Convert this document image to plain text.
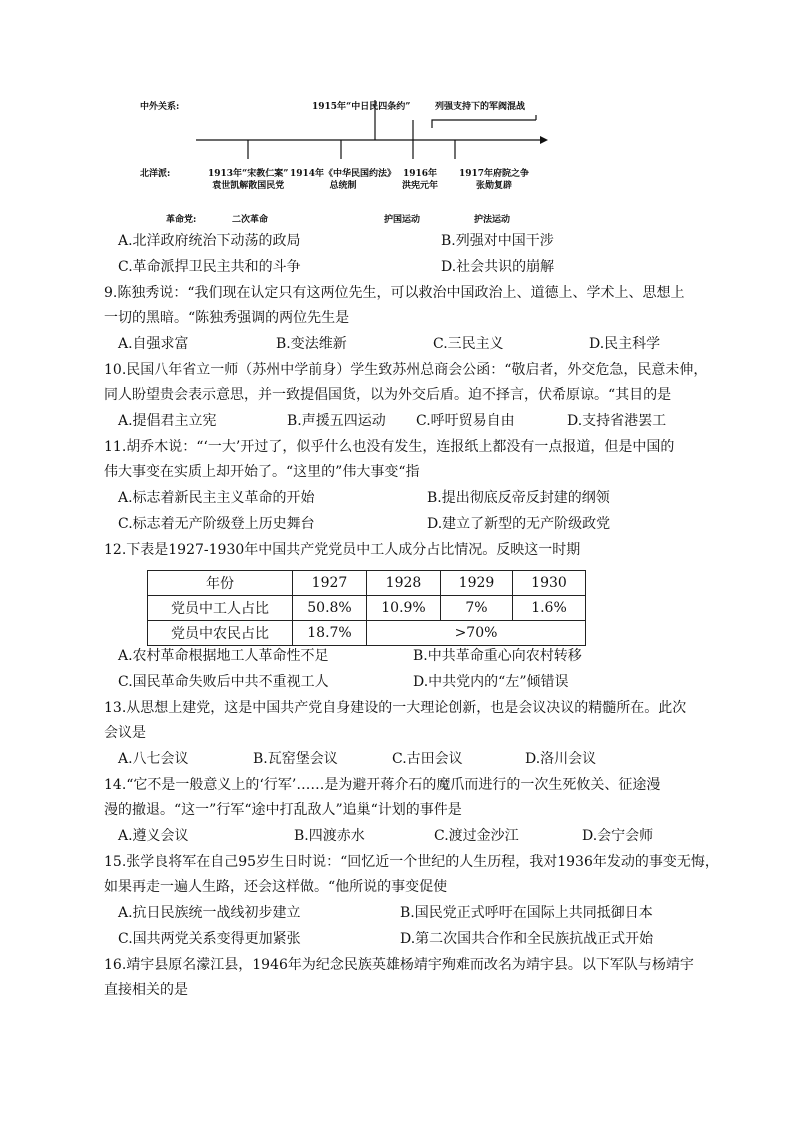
中外关系:	1915年“中日民四条约”	列强支持下的军阀混战
北洋派:	1913年“宋教仁案”
袁世凯解散国民党
1914年《中华民国约法》
总统制
1916年
洪宪元年
1917年府院之争
张勋复辟
革命党:	二次革命	护国运动	护法运动
A.北洋政府统治下动荡的政局	B.列强对中国干涉
C.革命派捍卫民主共和的斗争	D.社会共识的崩解
9.陈独秀说：“我们现在认定只有这两位先生，可以救治中国政治上、道德上、学术上、思想上
一切的黑暗。“陈独秀强调的两位先生是
A.自强求富	B.变法维新	C.三民主义	D.民主科学
10.民国八年省立一师（苏州中学前身）学生致苏州总商会公函：“敬启者，外交危急，民意未伸，
同人盼望贵会表示意思，并一致提倡国货，以为外交后盾。迫不择言，伏希原谅。“其目的是
A.提倡君主立宪	B.声援五四运动 C.呼吁贸易自由	D.支持省港罢工
11.胡乔木说：“‘一大’开过了，似乎什么也没有发生，连报纸上都没有一点报道，但是中国的
伟大事变在实质上却开始了。“这里的”伟大事变“指
A.标志着新民主主义革命的开始	B.提出彻底反帝反封建的纲领
C.标志着无产阶级登上历史舞台	D.建立了新型的无产阶级政党
12.下表是1927-1930年中国共产党党员中工人成分占比情况。反映这一时期
年份	1927	1928	1929	1930
党员中工人占比	50.8%	10.9%	7%	1.6%
党员中农民占比	18.7%	>70%		
A.农村革命根据地工人革命性不足	B.中共革命重心向农村转移
C.国民革命失败后中共不重视工人	D.中共党内的“左”倾错误
13.从思想上建党，这是中国共产党自身建设的一大理论创新，也是会议决议的精髓所在。此次
会议是
A.八七会议	B.瓦窑堡会议	C.古田会议	D.洛川会议
14.“它不是一般意义上的‘行军’……是为避开蒋介石的魔爪而进行的一次生死攸关、征途漫
漫的撤退。“这一”行军“途中打乱敌人”追巢“计划的事件是
A.遵义会议	B.四渡赤水	C.渡过金沙江	D.会宁会师
15.张学良将军在自己95岁生日时说：“回忆近一个世纪的人生历程，我对1936年发动的事变无悔，
如果再走一遍人生路，还会这样做。“他所说的事变促使
A.抗日民族统一战线初步建立	B.国民党正式呼吁在国际上共同抵御日本
C.国共两党关系变得更加紧张	D.第二次国共合作和全民族抗战正式开始
16.靖宇县原名濛江县，1946年为纪念民族英雄杨靖宇殉难而改名为靖宇县。以下军队与杨靖宇
直接相关的是
